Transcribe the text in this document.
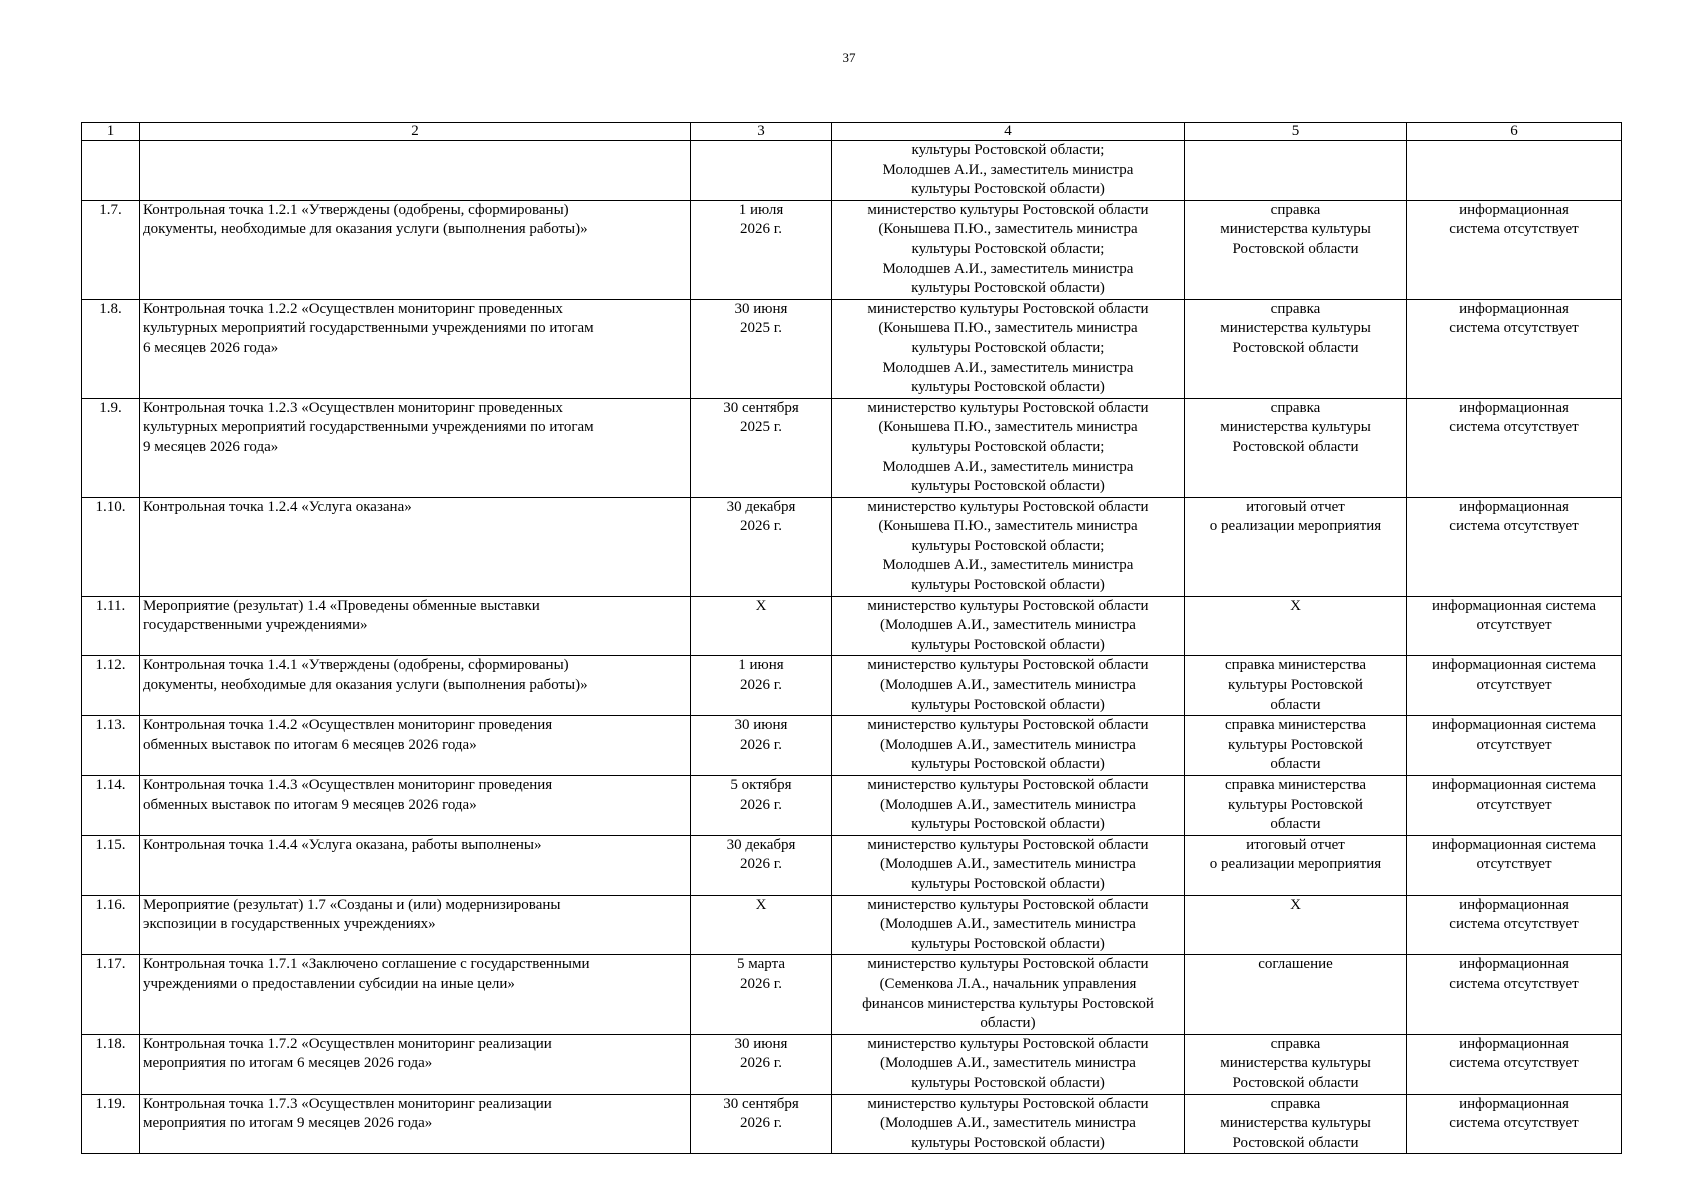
37
1	2	3	4	5	6

			культуры Ростовской области;
Молодшев А.И., заместитель министра
культуры Ростовской области)		

1.7.	Контрольная точка 1.2.1 «Утверждены (одобрены, сформированы)
документы, необходимые для оказания услуги (выполнения работы)»	1 июля
2026 г.	министерство культуры Ростовской области
(Конышева П.Ю., заместитель министра
культуры Ростовской области;
Молодшев А.И., заместитель министра
культуры Ростовской области)	справка
министерства культуры
Ростовской области	информационная
система отсутствует

1.8.	Контрольная точка 1.2.2 «Осуществлен мониторинг проведенных
культурных мероприятий государственными учреждениями по итогам
6 месяцев 2026 года»	30 июня
2025 г.	министерство культуры Ростовской области
(Конышева П.Ю., заместитель министра
культуры Ростовской области;
Молодшев А.И., заместитель министра
культуры Ростовской области)	справка
министерства культуры
Ростовской области	информационная
система отсутствует

1.9.	Контрольная точка 1.2.3 «Осуществлен мониторинг проведенных
культурных мероприятий государственными учреждениями по итогам
9 месяцев 2026 года»	30 сентября
2025 г.	министерство культуры Ростовской области
(Конышева П.Ю., заместитель министра
культуры Ростовской области;
Молодшев А.И., заместитель министра
культуры Ростовской области)	справка
министерства культуры
Ростовской области	информационная
система отсутствует

1.10.	Контрольная точка 1.2.4 «Услуга оказана»	30 декабря
2026 г.	министерство культуры Ростовской области
(Конышева П.Ю., заместитель министра
культуры Ростовской области;
Молодшев А.И., заместитель министра
культуры Ростовской области)	итоговый отчет
о реализации мероприятия	информационная
система отсутствует

1.11.	Мероприятие (результат) 1.4 «Проведены обменные выставки
государственными учреждениями»	Х	министерство культуры Ростовской области
(Молодшев А.И., заместитель министра
культуры Ростовской области)	Х	информационная система
отсутствует

1.12.	Контрольная точка 1.4.1 «Утверждены (одобрены, сформированы)
документы, необходимые для оказания услуги (выполнения работы)»	1 июня
2026 г.	министерство культуры Ростовской области
(Молодшев А.И., заместитель министра
культуры Ростовской области)	справка министерства
культуры Ростовской
области	информационная система
отсутствует

1.13.	Контрольная точка 1.4.2 «Осуществлен мониторинг проведения
обменных выставок по итогам 6 месяцев 2026 года»	30 июня
2026 г.	министерство культуры Ростовской области
(Молодшев А.И., заместитель министра
культуры Ростовской области)	справка министерства
культуры Ростовской
области	информационная система
отсутствует

1.14.	Контрольная точка 1.4.3 «Осуществлен мониторинг проведения
обменных выставок по итогам 9 месяцев 2026 года»	5 октября
2026 г.	министерство культуры Ростовской области
(Молодшев А.И., заместитель министра
культуры Ростовской области)	справка министерства
культуры Ростовской
области	информационная система
отсутствует

1.15.	Контрольная точка 1.4.4 «Услуга оказана, работы выполнены»	30 декабря
2026 г.	министерство культуры Ростовской области
(Молодшев А.И., заместитель министра
культуры Ростовской области)	итоговый отчет
о реализации мероприятия	информационная система
отсутствует

1.16.	Мероприятие (результат) 1.7 «Созданы и (или) модернизированы
экспозиции в государственных учреждениях»	Х	министерство культуры Ростовской области
(Молодшев А.И., заместитель министра
культуры Ростовской области)	Х	информационная
система отсутствует

1.17.	Контрольная точка 1.7.1 «Заключено соглашение с государственными
учреждениями о предоставлении субсидии на иные цели»	5 марта
2026 г.	министерство культуры Ростовской области
(Семенкова Л.А., начальник управления
финансов министерства культуры Ростовской
области)	соглашение	информационная
система отсутствует

1.18.	Контрольная точка 1.7.2 «Осуществлен мониторинг реализации
мероприятия по итогам 6 месяцев 2026 года»	30 июня
2026 г.	министерство культуры Ростовской области
(Молодшев А.И., заместитель министра
культуры Ростовской области)	справка
министерства культуры
Ростовской области	информационная
система отсутствует

1.19.	Контрольная точка 1.7.3 «Осуществлен мониторинг реализации
мероприятия по итогам 9 месяцев 2026 года»	30 сентября
2026 г.	министерство культуры Ростовской области
(Молодшев А.И., заместитель министра
культуры Ростовской области)	справка
министерства культуры
Ростовской области	информационная
система отсутствует
